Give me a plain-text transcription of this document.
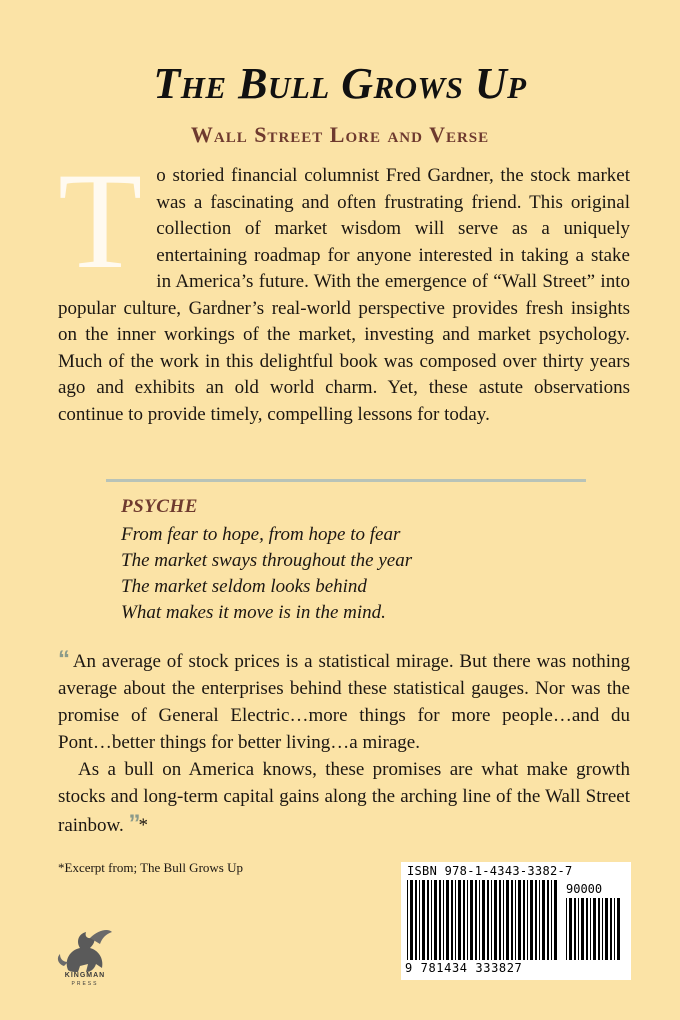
The Bull Grows Up
Wall Street Lore and Verse
T o storied financial columnist Fred Gardner, the stock market was a fascinating and often frustrating friend. This original collection of market wisdom will serve as a uniquely entertaining roadmap for anyone interested in taking a stake in America’s future. With the emergence of “Wall Street” into popular culture, Gardner’s real-world perspective provides fresh insights on the inner workings of the market, investing and market psychology. Much of the work in this delightful book was composed over thirty years ago and exhibits an old world charm. Yet, these astute observations continue to provide timely, compelling lessons for today.
PSYCHE
From fear to hope, from hope to fear
The market sways throughout the year
The market seldom looks behind
What makes it move is in the mind.

“ An average of stock prices is a statistical mirage. But there was nothing average about the enterprises behind these statistical gauges. Nor was the promise of General Electric…more things for more people…and du Pont…better things for better living…a mirage.

As a bull on America knows, these promises are what make growth stocks and long-term capital gains along the arching line of the Wall Street rainbow. ”*

*Excerpt from; The Bull Grows Up
KINGMAN
PRESS
ISBN 978-1-4343-3382-7
90000
9 781434 333827
